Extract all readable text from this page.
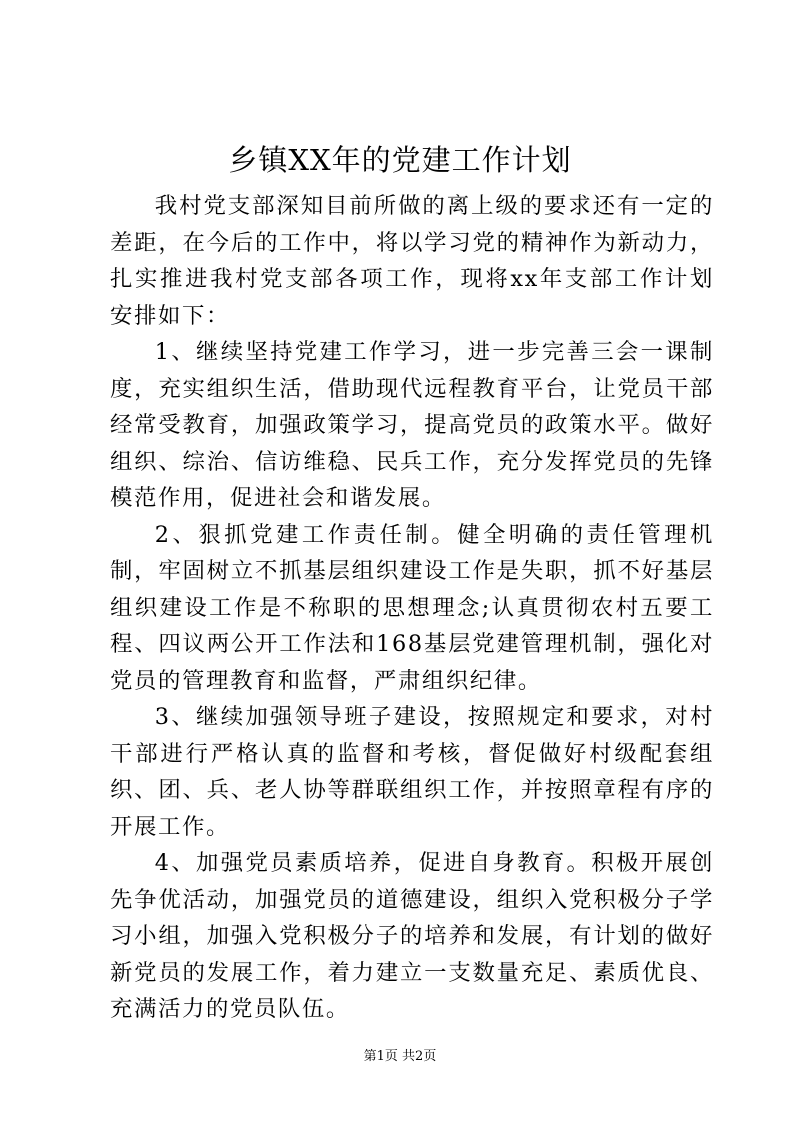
乡镇XX年的党建工作计划

我村党支部深知目前所做的离上级的要求还有一定的差距，在今后的工作中，将以学习党的精神作为新动力，扎实推进我村党支部各项工作，现将xx年支部工作计划安排如下：

1、继续坚持党建工作学习，进一步完善三会一课制度，充实组织生活，借助现代远程教育平台，让党员干部经常受教育，加强政策学习，提高党员的政策水平。做好组织、综治、信访维稳、民兵工作，充分发挥党员的先锋模范作用，促进社会和谐发展。

2、狠抓党建工作责任制。健全明确的责任管理机制，牢固树立不抓基层组织建设工作是失职，抓不好基层组织建设工作是不称职的思想理念;认真贯彻农村五要工程、四议两公开工作法和168基层党建管理机制，强化对党员的管理教育和监督，严肃组织纪律。

3、继续加强领导班子建设，按照规定和要求，对村干部进行严格认真的监督和考核，督促做好村级配套组织、团、兵、老人协等群联组织工作，并按照章程有序的开展工作。

4、加强党员素质培养，促进自身教育。积极开展创先争优活动，加强党员的道德建设，组织入党积极分子学习小组，加强入党积极分子的培养和发展，有计划的做好新党员的发展工作，着力建立一支数量充足、素质优良、充满活力的党员队伍。

第1页 共2页
